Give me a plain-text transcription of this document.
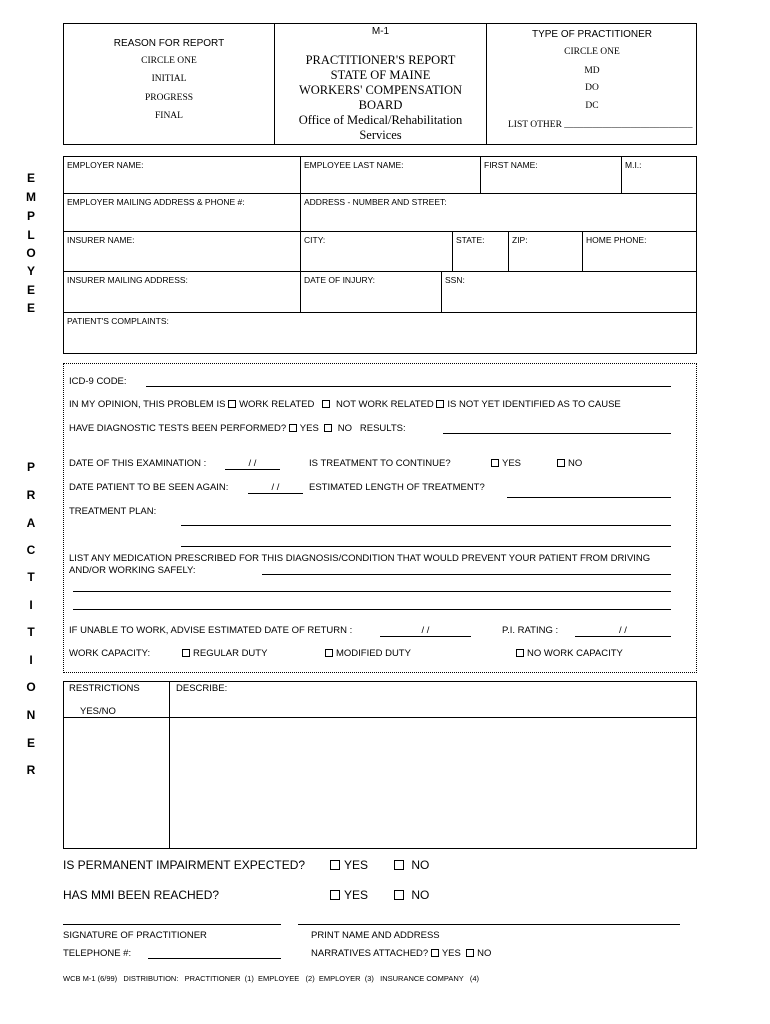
REASON FOR REPORT
CIRCLE ONE
INITIAL
PROGRESS
FINAL
M-1
PRACTITIONER'S REPORT
STATE OF MAINE
WORKERS' COMPENSATION
BOARD
Office of Medical/Rehabilitation
Services
TYPE OF PRACTITIONER
CIRCLE ONE
MD
DO
DC
LIST OTHER ___________________________
E
M
P
L
O
Y
E
E
P
R
A
C
T
I
T
I
O
N
E
R
EMPLOYER NAME:	EMPLOYEE LAST NAME:	FIRST NAME:	M.I.:
EMPLOYER MAILING ADDRESS & PHONE #:	ADDRESS - NUMBER AND STREET:
INSURER NAME:	CITY:	STATE:	ZIP:	HOME PHONE:
INSURER MAILING ADDRESS:	DATE OF INJURY:	SSN:
PATIENT'S COMPLAINTS:
ICD-9 CODE:
IN MY OPINION, THIS PROBLEM IS WORK RELATED NOT WORK RELATED IS NOT YET IDENTIFIED AS TO CAUSE
HAVE DIAGNOSTIC TESTS BEEN PERFORMED? YES NO RESULTS:
DATE OF THIS EXAMINATION :	/ /	IS TREATMENT TO CONTINUE?	YES	NO
DATE PATIENT TO BE SEEN AGAIN:	/ /	ESTIMATED LENGTH OF TREATMENT?
TREATMENT PLAN:
LIST ANY MEDICATION PRESCRIBED FOR THIS DIAGNOSIS/CONDITION THAT WOULD PREVENT YOUR PATIENT FROM DRIVING
AND/OR WORKING SAFELY:
IF UNABLE TO WORK, ADVISE ESTIMATED DATE OF RETURN :	/ /	P.I. RATING :	/ /
WORK CAPACITY:	REGULAR DUTY	MODIFIED DUTY	NO WORK CAPACITY
RESTRICTIONS
YES/NO
DESCRIBE:
IS PERMANENT IMPAIRMENT EXPECTED?	YES	NO
HAS MMI BEEN REACHED?	YES	NO
SIGNATURE OF PRACTITIONER	PRINT NAME AND ADDRESS
TELEPHONE #:	NARRATIVES ATTACHED? YES NO
WCB M-1 (6/99)   DISTRIBUTION:   PRACTITIONER  (1)  EMPLOYEE   (2)  EMPLOYER  (3)   INSURANCE COMPANY   (4)
